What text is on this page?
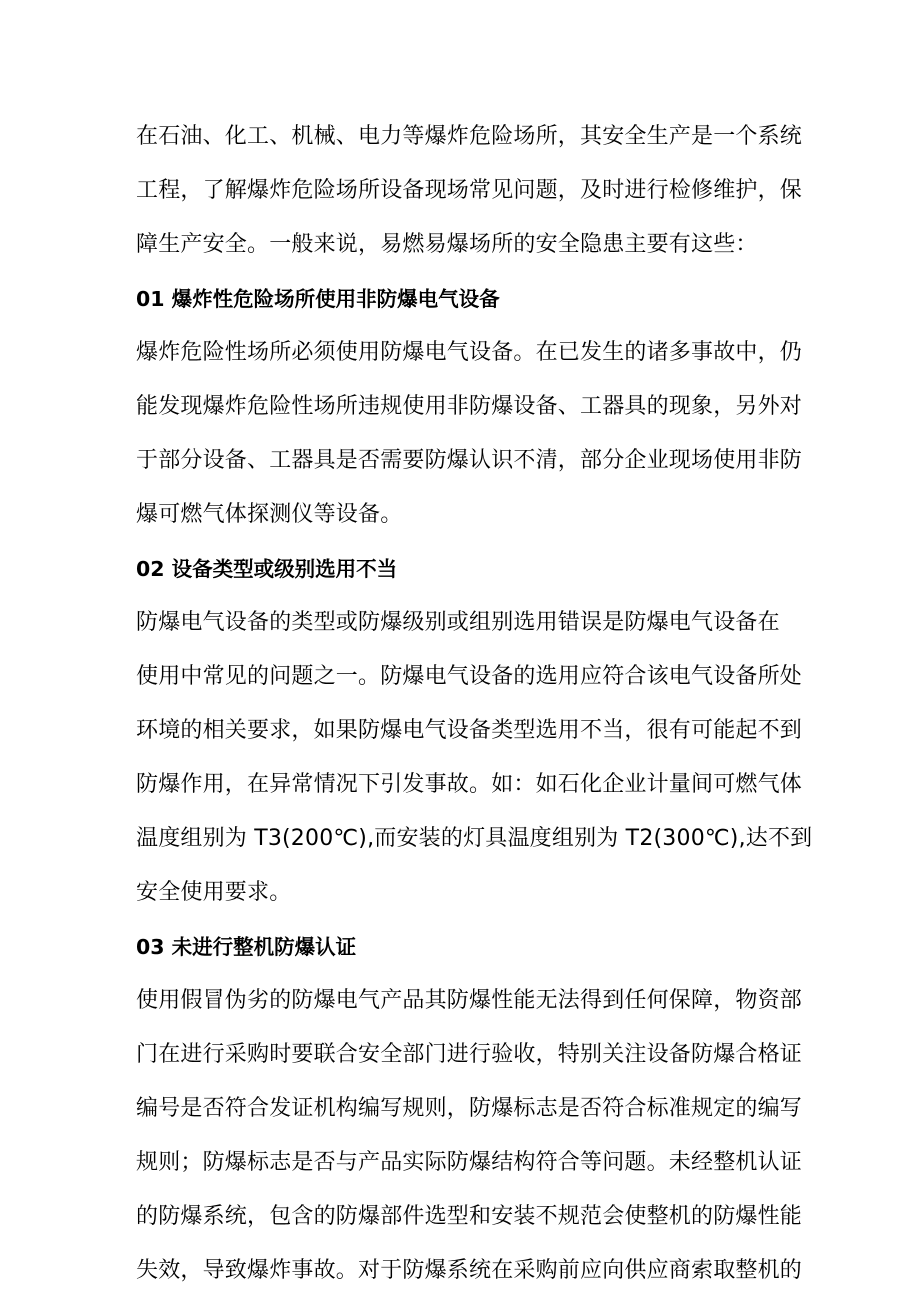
在石油、化工、机械、电力等爆炸危险场所，其安全生产是一个系统
工程，了解爆炸危险场所设备现场常见问题，及时进行检修维护，保
障生产安全。一般来说，易燃易爆场所的安全隐患主要有这些：
01 爆炸性危险场所使用非防爆电气设备
爆炸危险性场所必须使用防爆电气设备。在已发生的诸多事故中，仍
能发现爆炸危险性场所违规使用非防爆设备、工器具的现象，另外对
于部分设备、工器具是否需要防爆认识不清，部分企业现场使用非防
爆可燃气体探测仪等设备。
02 设备类型或级别选用不当
防爆电气设备的类型或防爆级别或组别选用错误是防爆电气设备在
使用中常见的问题之一。防爆电气设备的选用应符合该电气设备所处
环境的相关要求，如果防爆电气设备类型选用不当，很有可能起不到
防爆作用，在异常情况下引发事故。如：如石化企业计量间可燃气体
温度组别为 T3(200℃),而安装的灯具温度组别为 T2(300℃),达不到
安全使用要求。
03 未进行整机防爆认证
使用假冒伪劣的防爆电气产品其防爆性能无法得到任何保障，物资部
门在进行采购时要联合安全部门进行验收，特别关注设备防爆合格证
编号是否符合发证机构编写规则，防爆标志是否符合标准规定的编写
规则；防爆标志是否与产品实际防爆结构符合等问题。未经整机认证
的防爆系统，包含的防爆部件选型和安装不规范会使整机的防爆性能
失效，导致爆炸事故。对于防爆系统在采购前应向供应商索取整机的
